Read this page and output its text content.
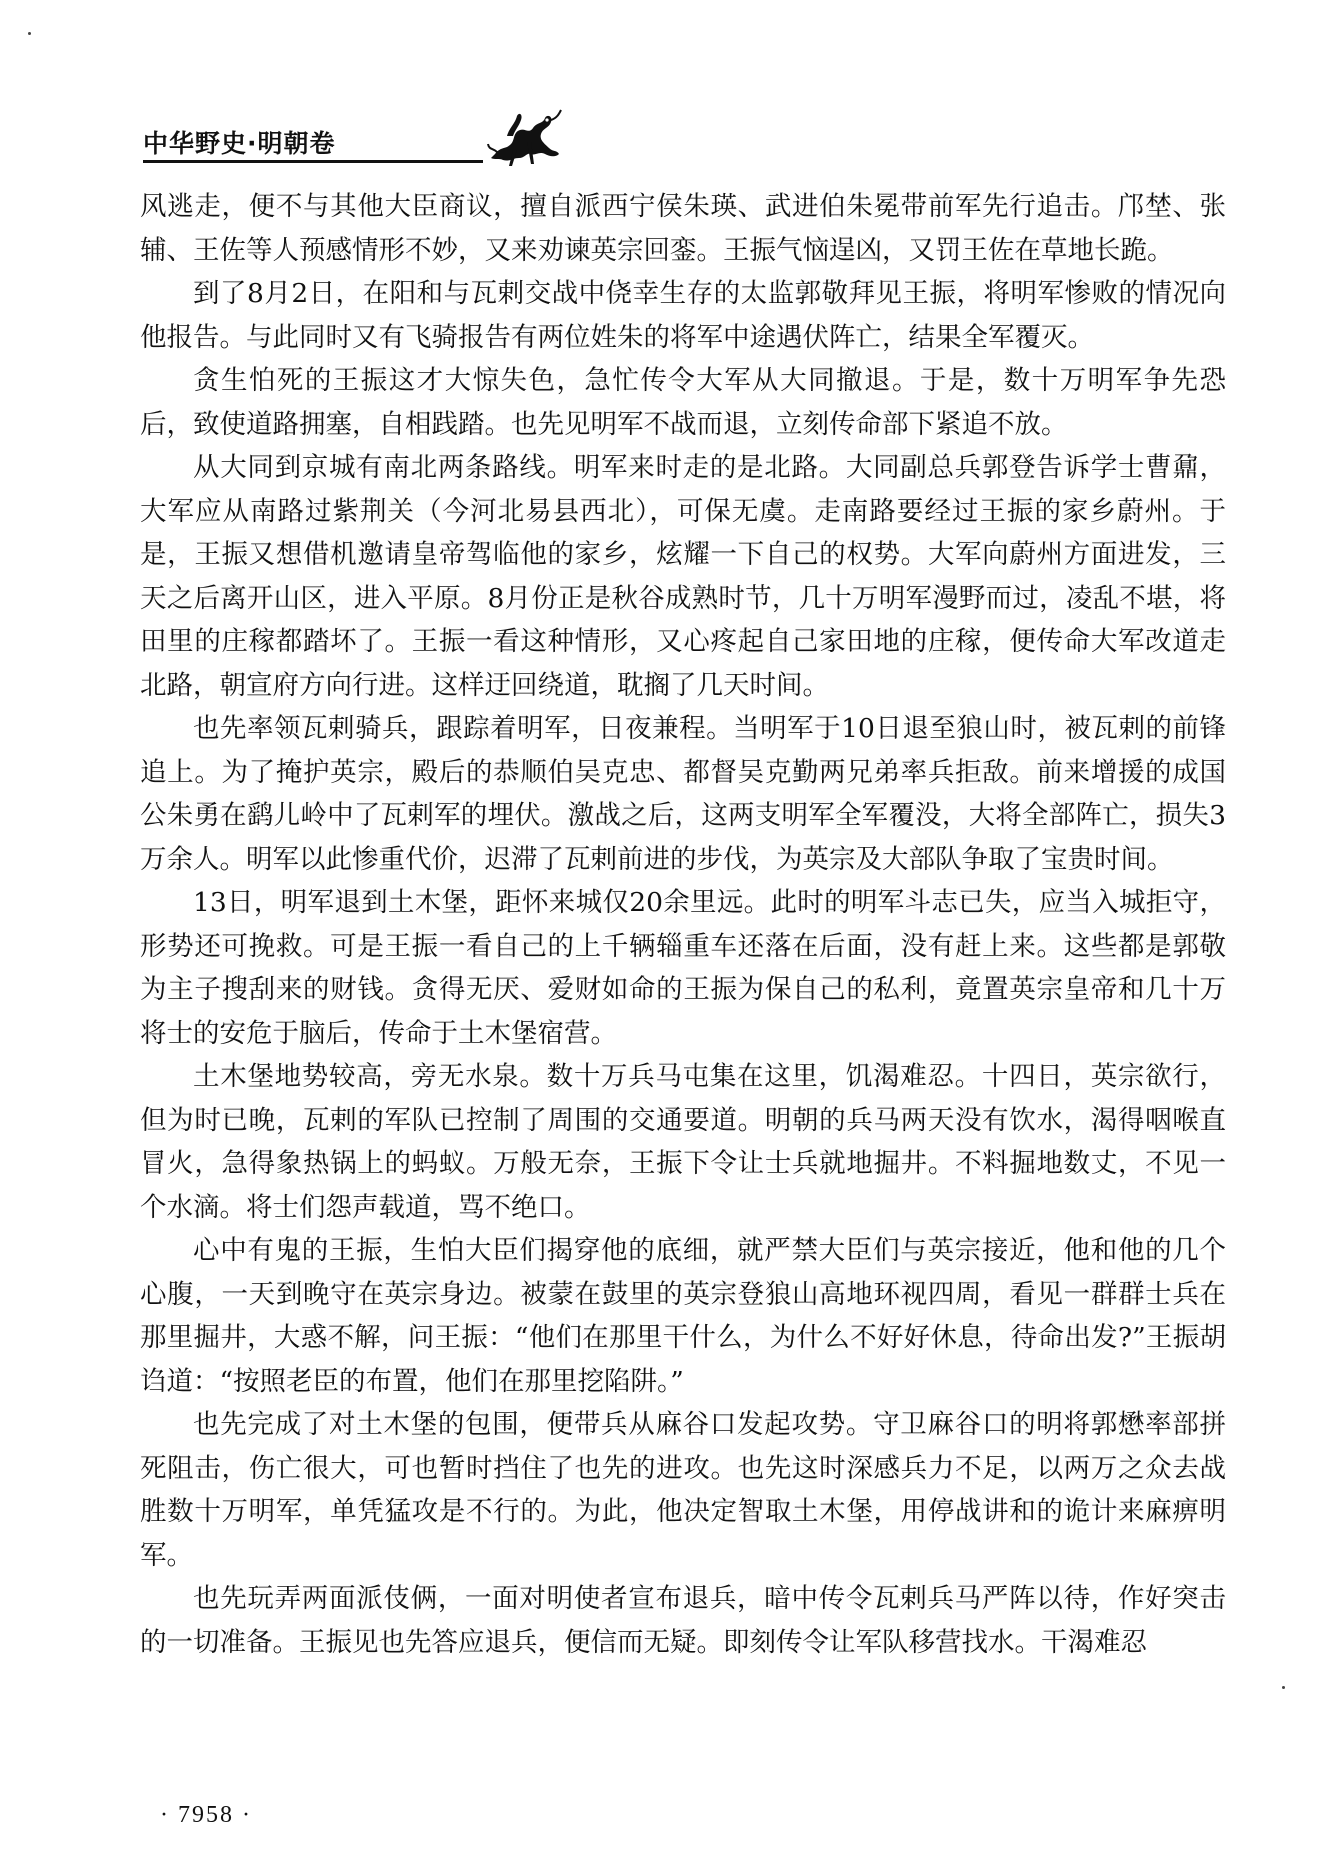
中华野史·明朝卷

风逃走，便不与其他大臣商议，擅自派西宁侯朱瑛、武进伯朱冕带前军先行追击。邝埜、张辅、王佐等人预感情形不妙，又来劝谏英宗回銮。王振气恼逞凶，又罚王佐在草地长跪。

到了8月2日，在阳和与瓦剌交战中侥幸生存的太监郭敬拜见王振，将明军惨败的情况向他报告。与此同时又有飞骑报告有两位姓朱的将军中途遇伏阵亡，结果全军覆灭。

贪生怕死的王振这才大惊失色，急忙传令大军从大同撤退。于是，数十万明军争先恐后，致使道路拥塞，自相践踏。也先见明军不战而退，立刻传命部下紧追不放。

从大同到京城有南北两条路线。明军来时走的是北路。大同副总兵郭登告诉学士曹鼐，大军应从南路过紫荆关（今河北易县西北），可保无虞。走南路要经过王振的家乡蔚州。于是，王振又想借机邀请皇帝驾临他的家乡，炫耀一下自己的权势。大军向蔚州方面进发，三天之后离开山区，进入平原。8月份正是秋谷成熟时节，几十万明军漫野而过，凌乱不堪，将田里的庄稼都踏坏了。王振一看这种情形，又心疼起自己家田地的庄稼，便传命大军改道走北路，朝宣府方向行进。这样迂回绕道，耽搁了几天时间。

也先率领瓦剌骑兵，跟踪着明军，日夜兼程。当明军于10日退至狼山时，被瓦剌的前锋追上。为了掩护英宗，殿后的恭顺伯吴克忠、都督吴克勤两兄弟率兵拒敌。前来增援的成国公朱勇在鹞儿岭中了瓦剌军的埋伏。激战之后，这两支明军全军覆没，大将全部阵亡，损失3万余人。明军以此惨重代价，迟滞了瓦剌前进的步伐，为英宗及大部队争取了宝贵时间。

13日，明军退到土木堡，距怀来城仅20余里远。此时的明军斗志已失，应当入城拒守，形势还可挽救。可是王振一看自己的上千辆辎重车还落在后面，没有赶上来。这些都是郭敬为主子搜刮来的财钱。贪得无厌、爱财如命的王振为保自己的私利，竟置英宗皇帝和几十万将士的安危于脑后，传命于土木堡宿营。

土木堡地势较高，旁无水泉。数十万兵马屯集在这里，饥渴难忍。十四日，英宗欲行，但为时已晚，瓦剌的军队已控制了周围的交通要道。明朝的兵马两天没有饮水，渴得咽喉直冒火，急得象热锅上的蚂蚁。万般无奈，王振下令让士兵就地掘井。不料掘地数丈，不见一个水滴。将士们怨声载道，骂不绝口。

心中有鬼的王振，生怕大臣们揭穿他的底细，就严禁大臣们与英宗接近，他和他的几个心腹，一天到晚守在英宗身边。被蒙在鼓里的英宗登狼山高地环视四周，看见一群群士兵在那里掘井，大惑不解，问王振：“他们在那里干什么，为什么不好好休息，待命出发?”王振胡诌道：“按照老臣的布置，他们在那里挖陷阱。”

也先完成了对土木堡的包围，便带兵从麻谷口发起攻势。守卫麻谷口的明将郭懋率部拼死阻击，伤亡很大，可也暂时挡住了也先的进攻。也先这时深感兵力不足，以两万之众去战胜数十万明军，单凭猛攻是不行的。为此，他决定智取土木堡，用停战讲和的诡计来麻痹明军。

也先玩弄两面派伎俩，一面对明使者宣布退兵，暗中传令瓦剌兵马严阵以待，作好突击的一切准备。王振见也先答应退兵，便信而无疑。即刻传令让军队移营找水。干渴难忍

· 7958 ·
